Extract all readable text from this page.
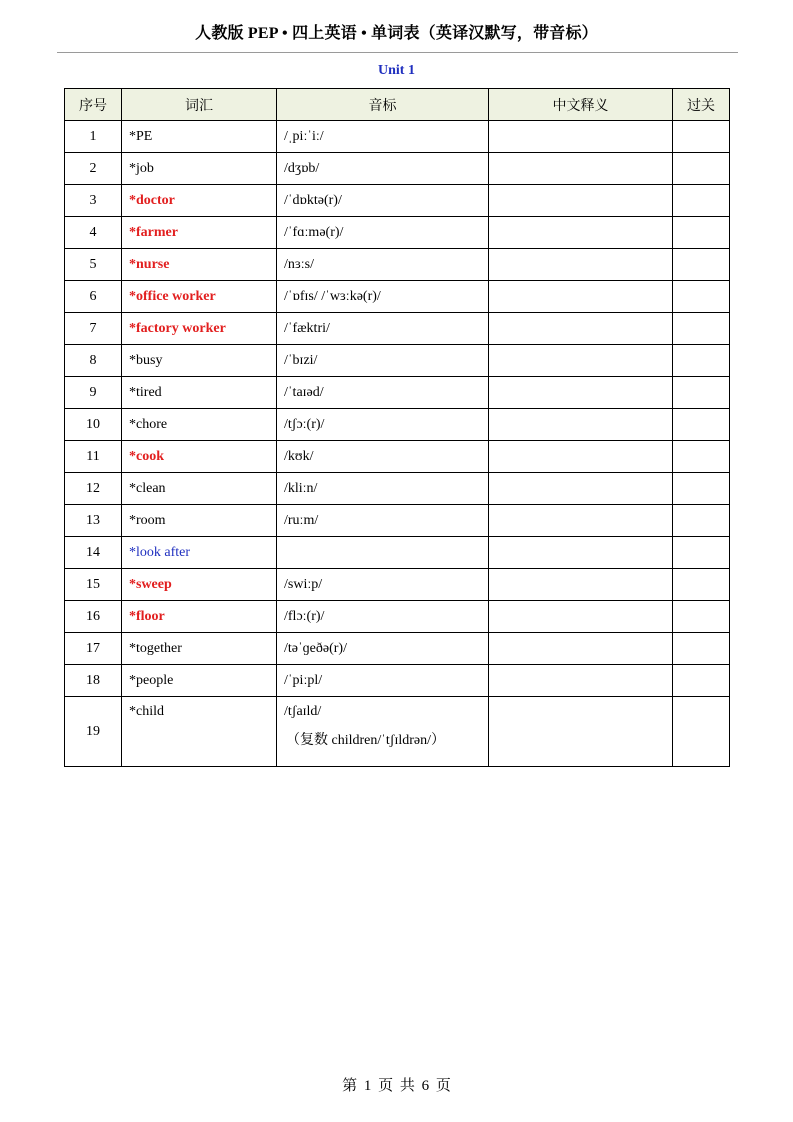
人教版 PEP • 四上英语 • 单词表（英译汉默写，带音标）
Unit 1
序号	词汇	音标	中文释义	过关
1	*PE	/ˌpiːˈiː/		
2	*job	/dʒɒb/		
3	*doctor	/ˈdɒktə(r)/		
4	*farmer	/ˈfɑːmə(r)/		
5	*nurse	/nɜːs/		
6	*office worker	/ˈɒfɪs/ /ˈwɜːkə(r)/		
7	*factory worker	/ˈfæktri/		
8	*busy	/ˈbɪzi/		
9	*tired	/ˈtaɪəd/		
10	*chore	/tʃɔː(r)/		
11	*cook	/kʊk/		
12	*clean	/kliːn/		
13	*room	/ruːm/		
14	*look after			
15	*sweep	/swiːp/		
16	*floor	/flɔː(r)/		
17	*together	/təˈɡeðə(r)/		
18	*people	/ˈpiːpl/		
19	*child	/tʃaɪld/
（复数 children/ˈtʃɪldrən/）		

第 1 页 共 6 页
